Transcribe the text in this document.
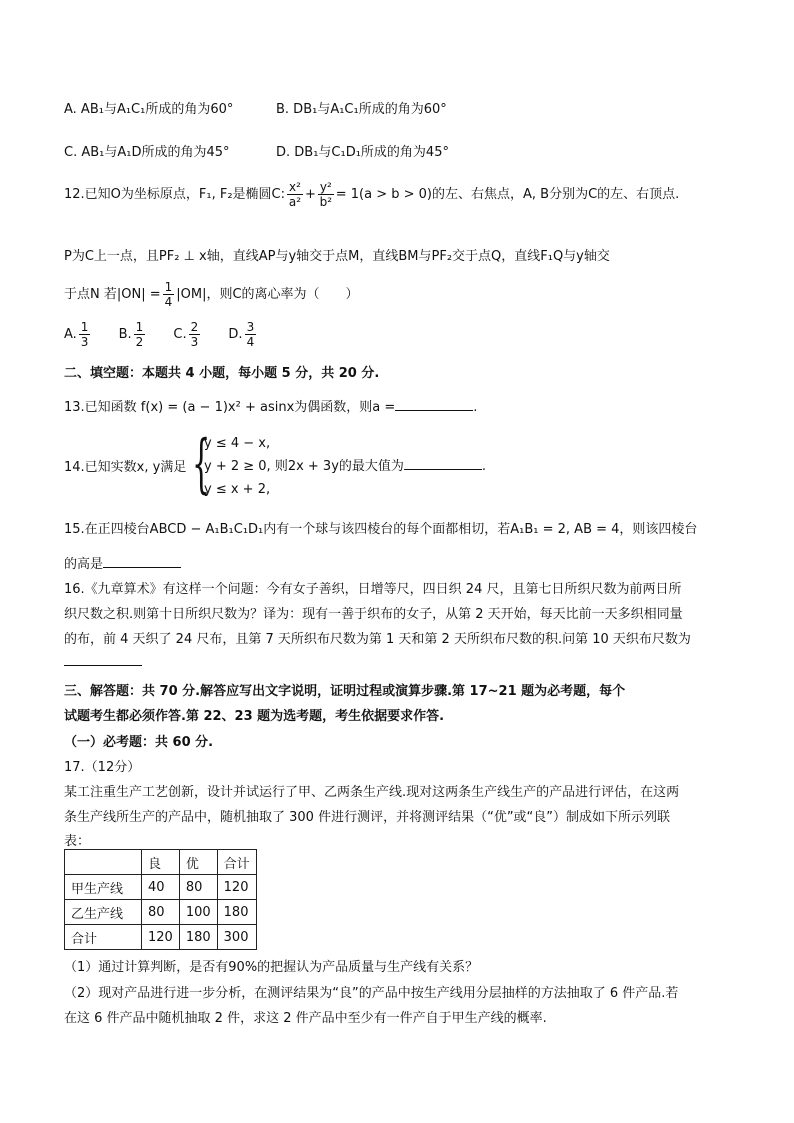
A. AB₁与A₁C₁所成的角为60°	B. DB₁与A₁C₁所成的角为60°
C. AB₁与A₁D所成的角为45°	D. DB₁与C₁D₁所成的角为45°
12.已知O为坐标原点，F₁, F₂是椭圆C: $\frac{\text{x²}}{\text{a²}} + \frac{\text{y²}}{\text{b²}} = 1(a > b > 0)$的左、右焦点，A, B分别为C的左、右顶点.
P为C上一点，且PF₂ ⊥ x轴，直线AP与y轴交于点M，直线BM与PF₂交于点Q，直线F₁Q与y轴交
于点N 若$|ON| = \frac{1}{4} |OM|$，则C的离心率为（　　）
A. $\frac{1}{3} B$. $\frac{1}{2} C$. $\frac{2}{3} D$. $\frac{3}{4}$
二、填空题：本题共 4 小题，每小题 5 分，共 20 分.
13.已知函数 f(x) = (a − 1)x² + asinx为偶函数，则a =	.
14.已知实数x, y满足 {
y ≤ 4 − x,
y + 2 ≥ 0, 则2x + 3y的最大值为	.
y ≤ x + 2,
15.在正四棱台ABCD − A₁B₁C₁D₁内有一个球与该四棱台的每个面都相切，若A₁B₁ = 2, AB = 4，则该四棱台
的高是
16.《九章算术》有这样一个问题：今有女子善织，日增等尺，四日织 24 尺，且第七日所织尺数为前两日所
织尺数之积.则第十日所织尺数为？译为：现有一善于织布的女子，从第 2 天开始，每天比前一天多织相同量
的布，前 4 天织了 24 尺布，且第 7 天所织布尺数为第 1 天和第 2 天所织布尺数的积.问第 10 天织布尺数为
三、解答题：共 70 分.解答应写出文字说明，证明过程或演算步骤.第 17~21 题为必考题，每个
试题考生都必须作答.第 22、23 题为选考题，考生依据要求作答.
（一）必考题：共 60 分.
17.（12分）
某工注重生产工艺创新，设计并试运行了甲、乙两条生产线.现对这两条生产线生产的产品进行评估，在这两
条生产线所生产的产品中，随机抽取了 300 件进行测评，并将测评结果（“优”或“良”）制成如下所示列联
表：
	良	优	合计
甲生产线	40	80	120
乙生产线	80	100	180
合计	120	180	300
（1）通过计算判断，是否有90%的把握认为产品质量与生产线有关系？
（2）现对产品进行进一步分析，在测评结果为“良”的产品中按生产线用分层抽样的方法抽取了 6 件产品.若
在这 6 件产品中随机抽取 2 件，求这 2 件产品中至少有一件产自于甲生产线的概率.
